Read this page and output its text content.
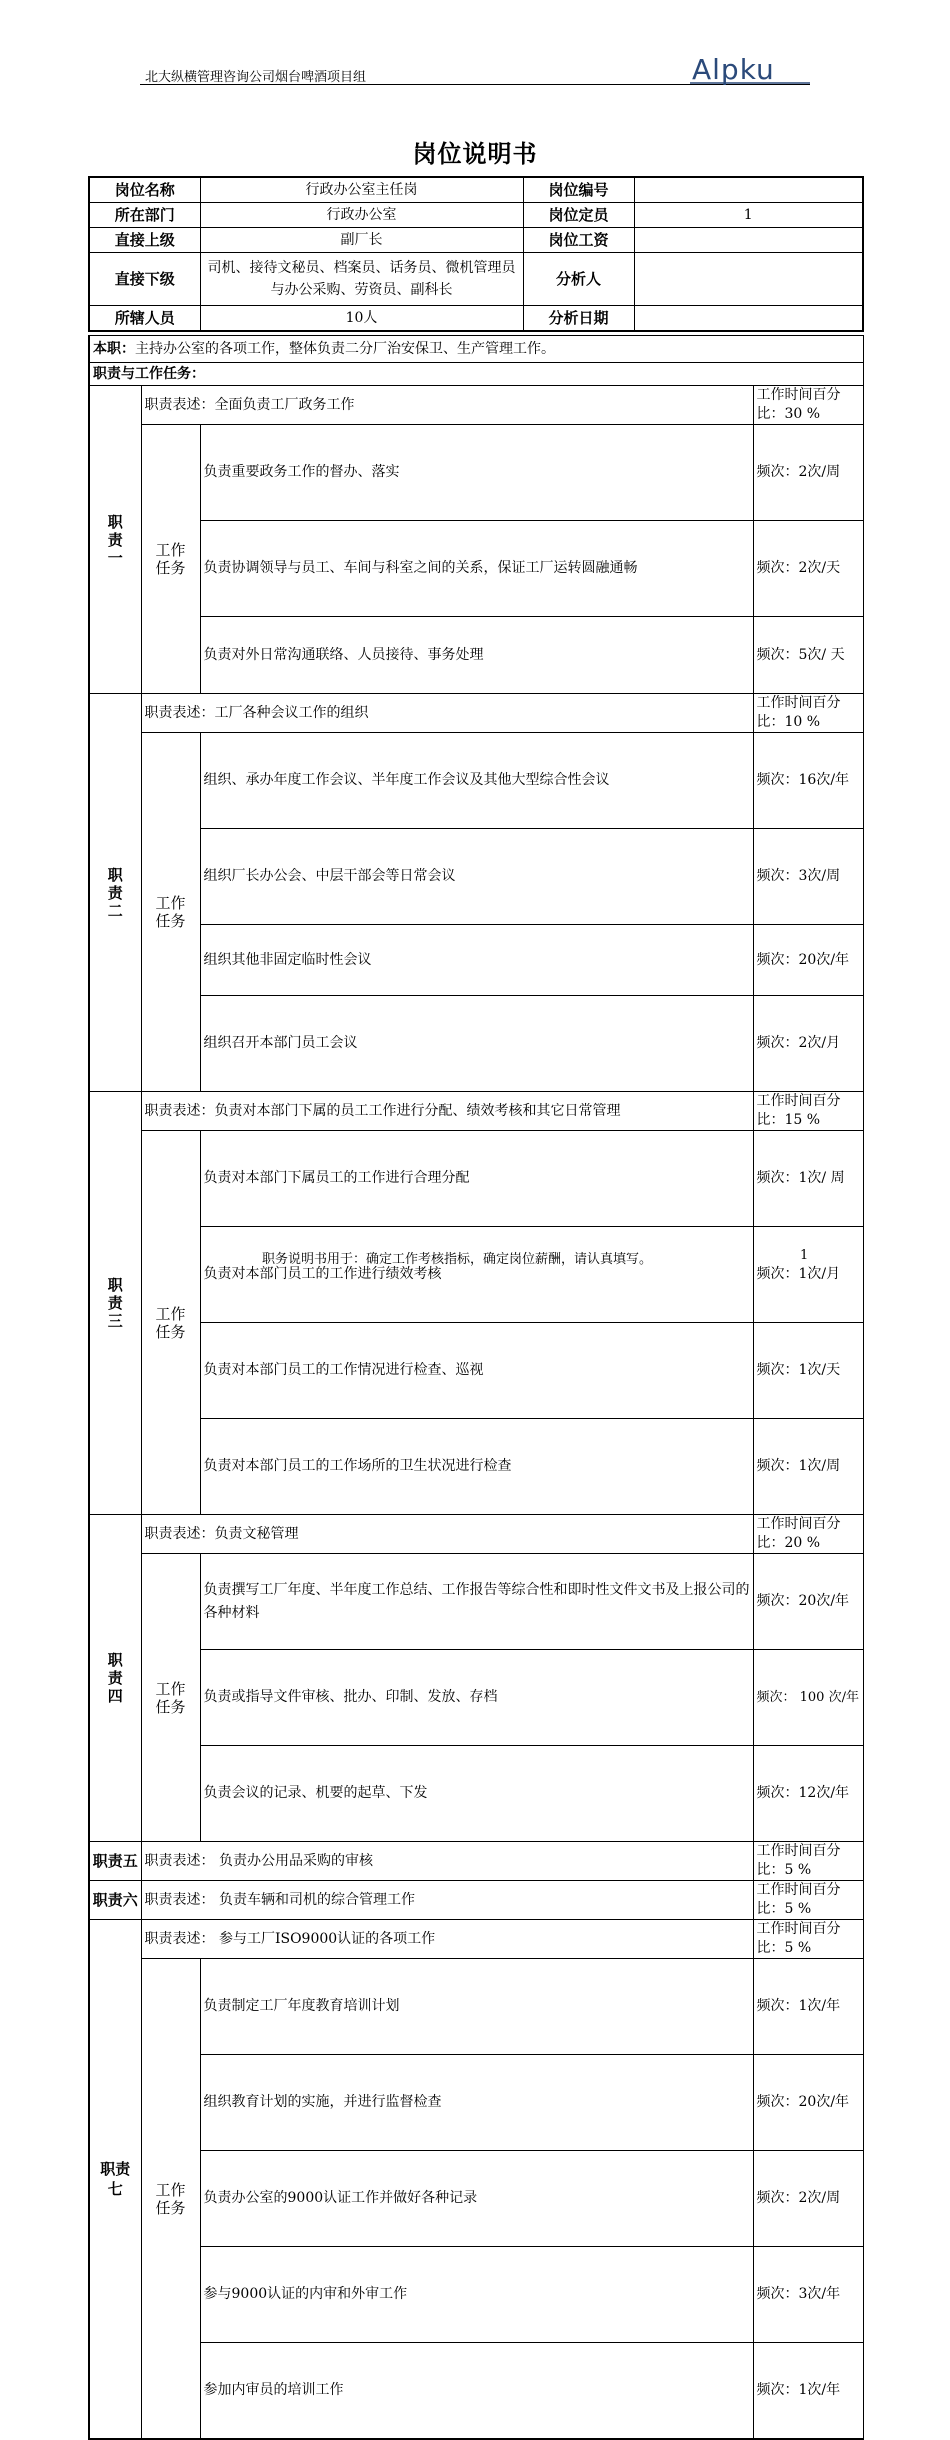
北大纵横管理咨询公司烟台啤酒项目组	Alpku
岗位说明书
岗位名称	行政办公室主任岗	岗位编号	
所在部门	行政办公室	岗位定员	1
直接上级	副厂长	岗位工资	
直接下级	司机、接待文秘员、档案员、话务员、微机管理员与办公采购、劳资员、副科长	分析人	
所辖人员	10人	分析日期	
本职：主持办公室的各项工作，整体负责二分厂治安保卫、生产管理工作。				
职责与工作任务：				
职责一	职责表述：全面负责工厂政务工作		工作时间百分比：30 %	
	工作任务	负责重要政务工作的督办、落实	频次：2次/周	
		负责协调领导与员工、车间与科室之间的关系，保证工厂运转圆融通畅	频次：2次/天	
		负责对外日常沟通联络、人员接待、事务处理	频次：5次/ 天	
职责二	职责表述：工厂各种会议工作的组织		工作时间百分比：10 %	
	工作任务	组织、承办年度工作会议、半年度工作会议及其他大型综合性会议	频次：16次/年	
		组织厂长办公会、中层干部会等日常会议	频次：3次/周	
		组织其他非固定临时性会议	频次：20次/年	
		组织召开本部门员工会议	频次：2次/月	
职责三	职责表述：负责对本部门下属的员工工作进行分配、绩效考核和其它日常管理		工作时间百分比：15 %	
	工作任务	负责对本部门下属员工的工作进行合理分配	频次：1次/ 周	
		负责对本部门员工的工作进行绩效考核	频次：1次/月	
		负责对本部门员工的工作情况进行检查、巡视	频次：1次/天	
		负责对本部门员工的工作场所的卫生状况进行检查	频次：1次/周	
职责四	职责表述：负责文秘管理		工作时间百分比：20 %	
	工作任务	负责撰写工厂年度、半年度工作总结、工作报告等综合性和即时性文件文书及上报公司的各种材料	频次：20次/年	
		负责或指导文件审核、批办、印制、发放、存档	频次： 100 次/年	
		负责会议的记录、机要的起草、下发	频次：12次/年	
职责五	职责表述： 负责办公用品采购的审核		工作时间百分比：5 %	
职责六	职责表述： 负责车辆和司机的综合管理工作		工作时间百分比：5 %	
职责七	职责表述： 参与工厂ISO9000认证的各项工作		工作时间百分比：5 %	
	工作任务	负责制定工厂年度教育培训计划	频次：1次/年	
		组织教育计划的实施，并进行监督检查	频次：20次/年	
		负责办公室的9000认证工作并做好各种记录	频次：2次/周	
		参与9000认证的内审和外审工作	频次：3次/年	
		参加内审员的培训工作	频次：1次/年	
职务说明书用于：确定工作考核指标，确定岗位薪酬，请认真填写。	1
